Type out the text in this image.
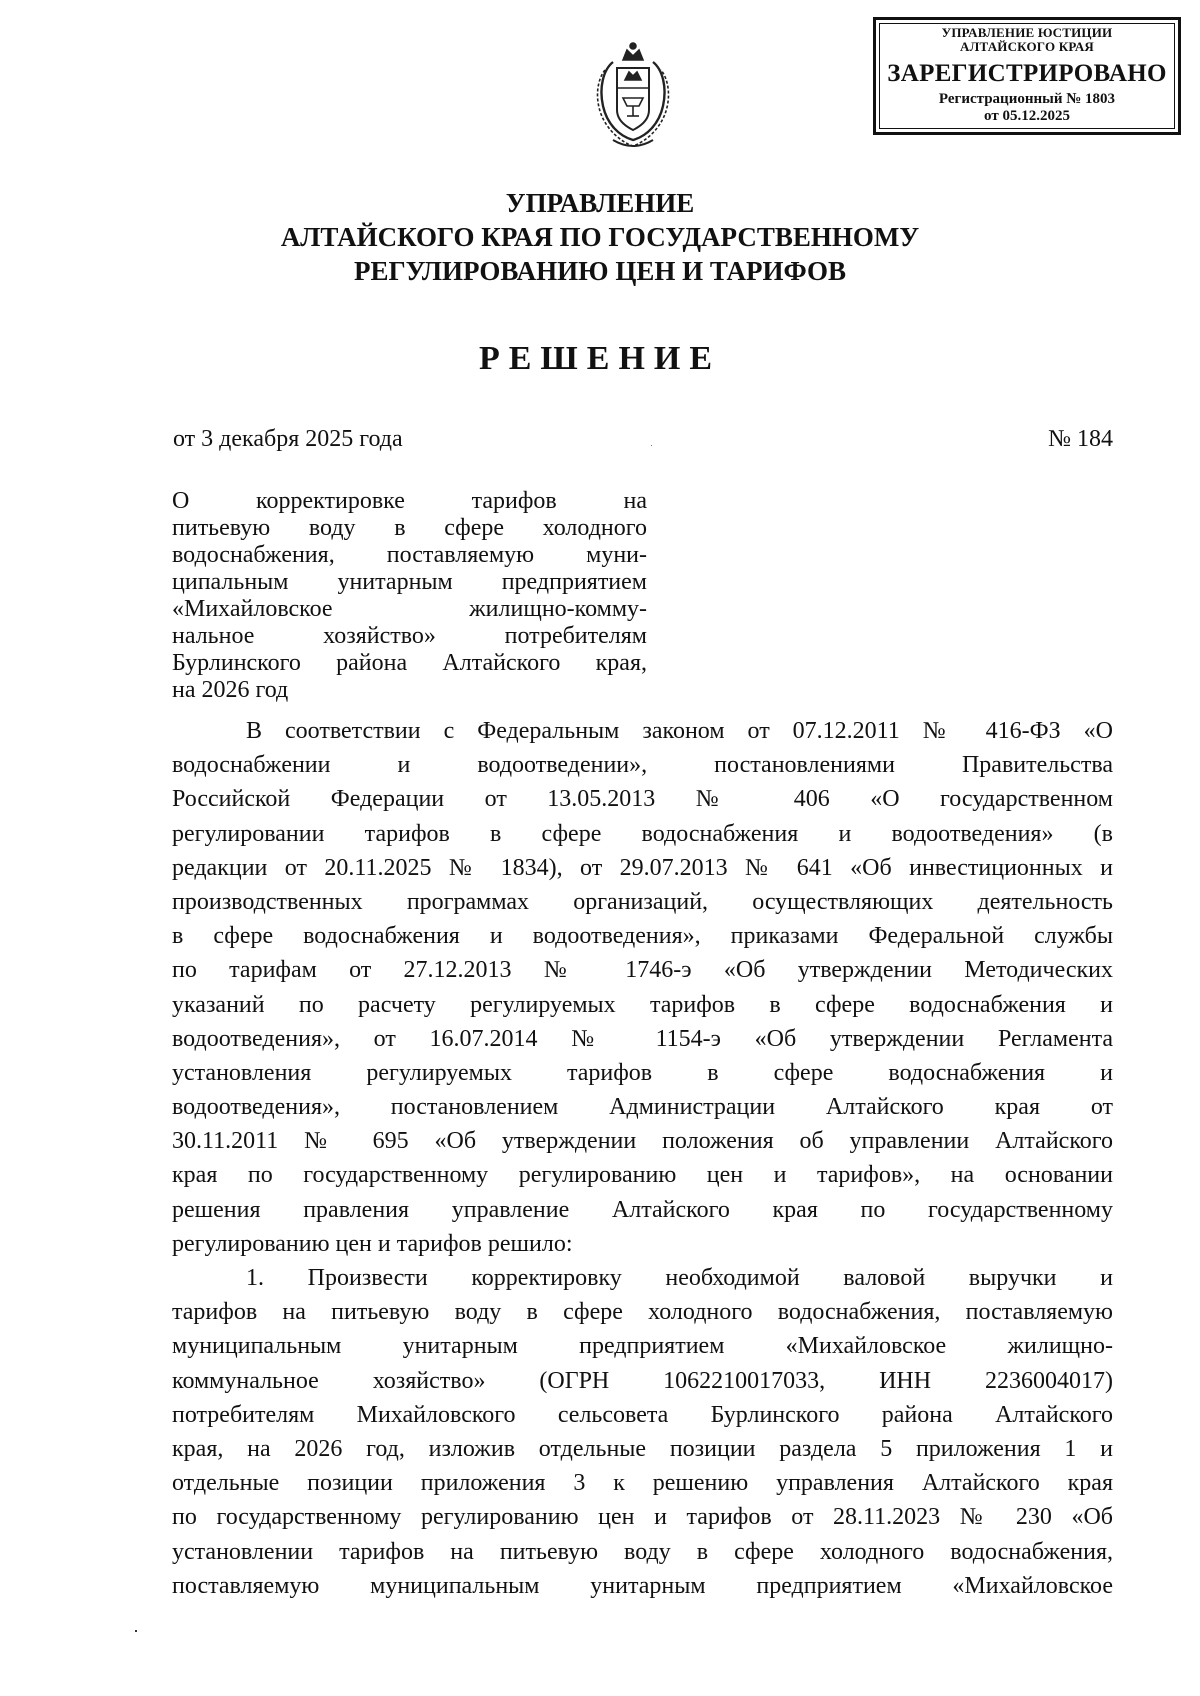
УПРАВЛЕНИЕ ЮСТИЦИИ
АЛТАЙСКОГО КРАЯ
ЗАРЕГИСТРИРОВАНО
Регистрационный № 1803
от 05.12.2025
УПРАВЛЕНИЕ
АЛТАЙСКОГО КРАЯ ПО ГОСУДАРСТВЕННОМУ
РЕГУЛИРОВАНИЮ ЦЕН И ТАРИФОВ
РЕШЕНИЕ
от 3 декабря 2025 года	№ 184
О корректировке тарифов на
питьевую воду в сфере холодного
водоснабжения, поставляемую муни-
ципальным унитарным предприятием
«Михайловское жилищно-комму-
нальное хозяйство» потребителям
Бурлинского района Алтайского края,
на 2026 год
В соответствии с Федеральным законом от 07.12.2011 № 416-ФЗ «О
водоснабжении и водоотведении», постановлениями Правительства
Российской Федерации от 13.05.2013 № 406 «О государственном
регулировании тарифов в сфере водоснабжения и водоотведения» (в
редакции от 20.11.2025 № 1834), от 29.07.2013 № 641 «Об инвестиционных и
производственных программах организаций, осуществляющих деятельность
в сфере водоснабжения и водоотведения», приказами Федеральной службы
по тарифам от 27.12.2013 № 1746-э «Об утверждении Методических
указаний по расчету регулируемых тарифов в сфере водоснабжения и
водоотведения», от 16.07.2014 № 1154-э «Об утверждении Регламента
установления регулируемых тарифов в сфере водоснабжения и
водоотведения», постановлением Администрации Алтайского края от
30.11.2011 № 695 «Об утверждении положения об управлении Алтайского
края по государственному регулированию цен и тарифов», на основании
решения правления управление Алтайского края по государственному
регулированию цен и тарифов решило:
1. Произвести корректировку необходимой валовой выручки и
тарифов на питьевую воду в сфере холодного водоснабжения, поставляемую
муниципальным унитарным предприятием «Михайловское жилищно-
коммунальное хозяйство» (ОГРН 1062210017033, ИНН 2236004017)
потребителям Михайловского сельсовета Бурлинского района Алтайского
края, на 2026 год, изложив отдельные позиции раздела 5 приложения 1 и
отдельные позиции приложения 3 к решению управления Алтайского края
по государственному регулированию цен и тарифов от 28.11.2023 № 230 «Об
установлении тарифов на питьевую воду в сфере холодного водоснабжения,
поставляемую муниципальным унитарным предприятием «Михайловское
